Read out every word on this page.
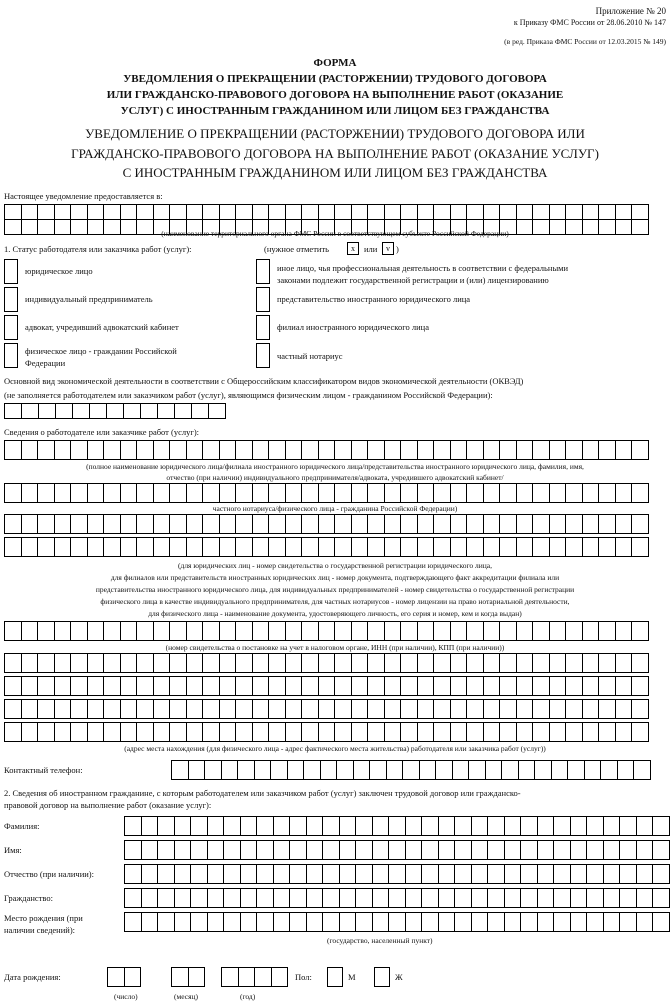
Приложение № 20
к Приказу ФМС России от 28.06.2010 № 147
(в ред. Приказа ФМС России от 12.03.2015 № 149)
ФОРМА
УВЕДОМЛЕНИЯ О ПРЕКРАЩЕНИИ (РАСТОРЖЕНИИ) ТРУДОВОГО ДОГОВОРА
ИЛИ ГРАЖДАНСКО-ПРАВОВОГО ДОГОВОРА НА ВЫПОЛНЕНИЕ РАБОТ (ОКАЗАНИЕ
УСЛУГ) С ИНОСТРАННЫМ ГРАЖДАНИНОМ ИЛИ ЛИЦОМ БЕЗ ГРАЖДАНСТВА
УВЕДОМЛЕНИЕ О ПРЕКРАЩЕНИИ (РАСТОРЖЕНИИ) ТРУДОВОГО ДОГОВОРА ИЛИ
ГРАЖДАНСКО-ПРАВОВОГО ДОГОВОРА НА ВЫПОЛНЕНИЕ РАБОТ (ОКАЗАНИЕ УСЛУГ)
С ИНОСТРАННЫМ ГРАЖДАНИНОМ ИЛИ ЛИЦОМ БЕЗ ГРАЖДАНСТВА
Настоящее уведомление предоставляется в:
(наименование территориального органа ФМС России в соответствующем субъекте Российской Федерации)
1. Статус работодателя или заказчика работ (услуг):	(нужное отметить	x	или	v )
юридическое лицо
индивидуальный предприниматель
адвокат, учредивший адвокатский кабинет
физическое лицо - гражданин Российской
Федерации
иное лицо, чья профессиональная деятельность в соответствии с федеральными
законами подлежит государственной регистрации и (или) лицензированию
представительство иностранного юридического лица
филиал иностранного юридического лица
частный нотариус
Основной вид экономической деятельности в соответствии с Общероссийским классификатором видов экономической деятельности (ОКВЭД)
(не заполняется работодателем или заказчиком работ (услуг), являющимся физическим лицом - гражданином Российской Федерации):
Сведения о работодателе или заказчике работ (услуг):
(полное наименование юридического лица/филиала иностранного юридического лица/представительства иностранного юридического лица, фамилия, имя,
отчество (при наличии) индивидуального предпринимателя/адвоката, учредившего адвокатский кабинет/
частного нотариуса/физического лица - гражданина Российской Федерации)
(для юридических лиц - номер свидетельства о государственной регистрации юридического лица,
для филиалов или представительств иностранных юридических лиц - номер документа, подтверждающего факт аккредитации филиала или
представительства иностранного юридического лица, для индивидуальных предпринимателей - номер свидетельства о государственной регистрации
физического лица в качестве индивидуального предпринимателя, для частных нотариусов - номер лицензии на право нотариальной деятельности,
для физического лица - наименование документа, удостоверяющего личность, его серия и номер, кем и когда выдан)
(номер свидетельства о постановке на учет в налоговом органе, ИНН (при наличии), КПП (при наличии))
(адрес места нахождения (для физического лица - адрес фактического места жительства) работодателя или заказчика работ (услуг))
Контактный телефон:
2. Сведения об иностранном гражданине, с которым работодателем или заказчиком работ (услуг) заключен трудовой договор или гражданско-
правовой договор на выполнение работ (оказание услуг):
Фамилия:
Имя:
Отчество (при наличии):
Гражданство:
Место рождения (при
наличии сведений):
(государство, населенный пункт)
Дата рождения:
(число)	(месяц)	(год)
Пол:	М	Ж
